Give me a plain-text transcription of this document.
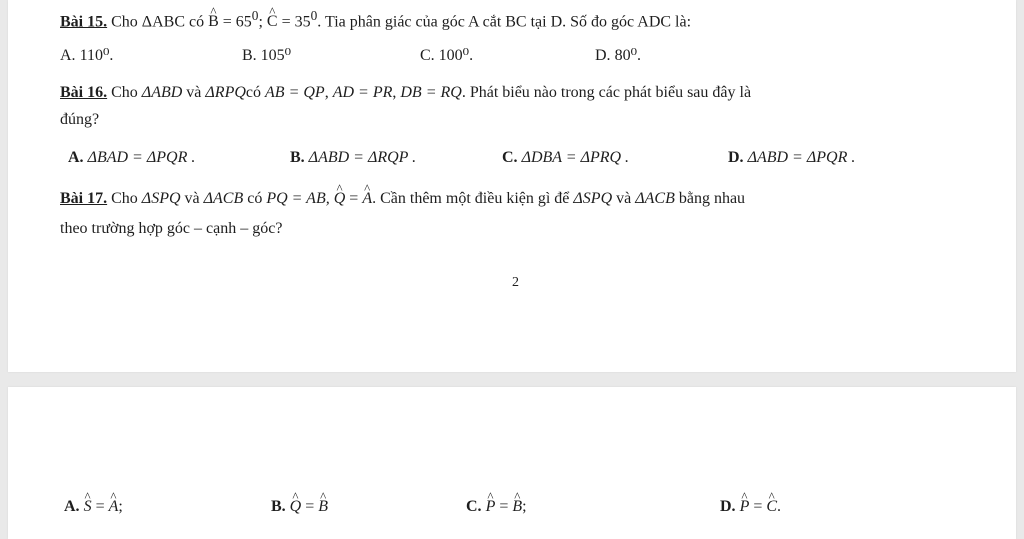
Bài 15. Cho ΔABC có ^ $B = 65^0$; ^ $C = 35^0$. Tia phân giác của góc A cắt BC tại D. Số đo góc ADC là:
A. 110⁰.	B. 105⁰	C. 100⁰.	D. 80⁰.
Bài 16. Cho ΔABD và ΔRPQcó AB = QP, AD = PR, DB = RQ. Phát biểu nào trong các phát biểu sau đây là
đúng?
A. ΔBAD = ΔPQR .	B. ΔABD = ΔRQP .	C. ΔDBA = ΔPRQ .	D. ΔABD = ΔPQR .
Bài 17. Cho ΔSPQ và ΔACB có PQ = AB, ^ Q = ^ A. Cần thêm một điều kiện gì để ΔSPQ và ΔACB bằng nhau
theo trường hợp góc – cạnh – góc?
2
A. ^ S = ^ A;	B. ^ Q = ^ B	C. ^ P = ^ B;	D. ^ P = ^ C.
